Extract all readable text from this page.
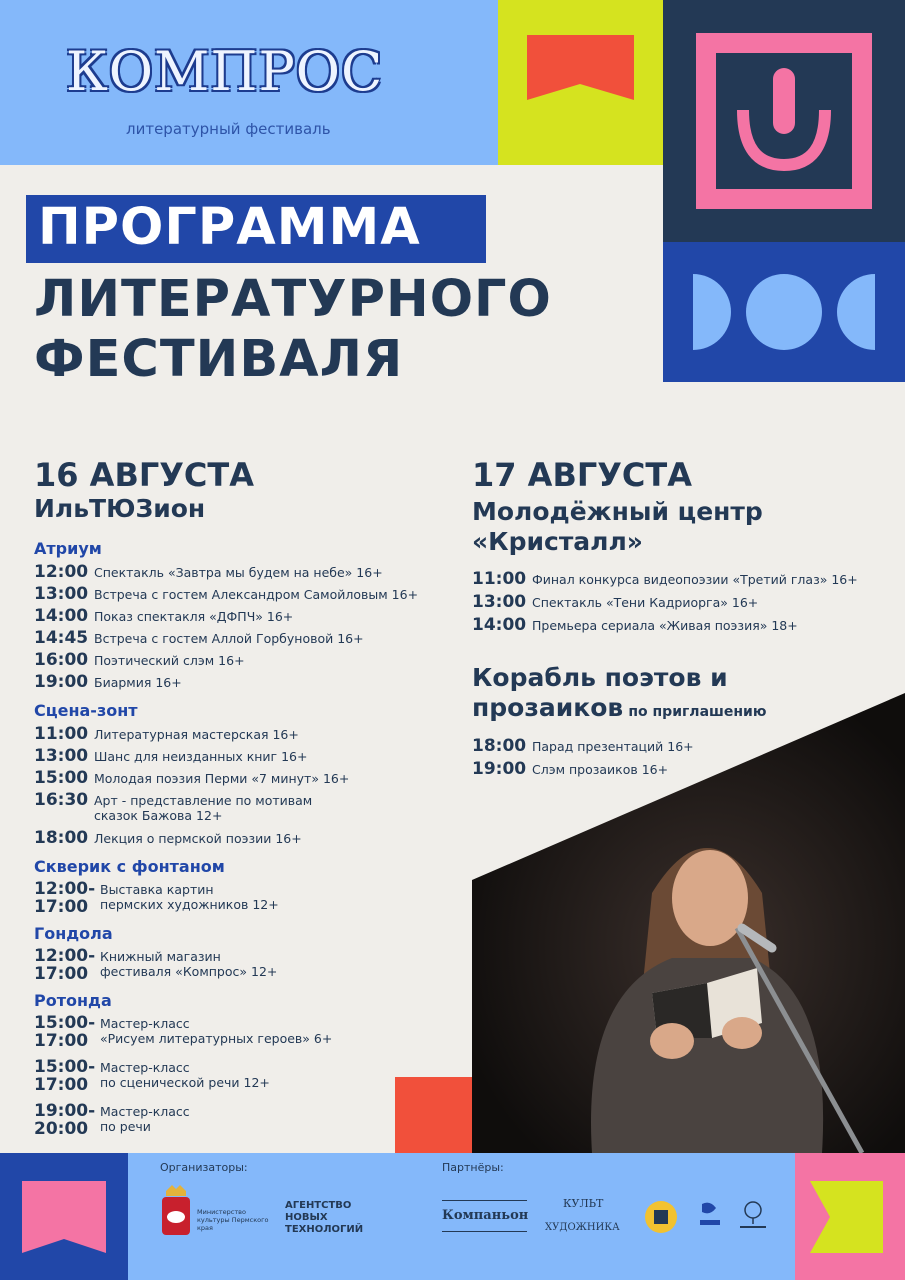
КОМПРОС
литературный фестиваль
ПРОГРАММА
ЛИТЕРАТУРНОГО
ФЕСТИВАЛЯ
16 АВГУСТА
ИльТЮЗион
Атриум
12:00 Спектакль «Завтра мы будем на небе» 16+
13:00 Встреча с гостем Александром Самойловым 16+
14:00 Показ спектакля «ДФПЧ» 16+
14:45 Встреча с гостем Аллой Горбуновой 16+
16:00 Поэтический слэм 16+
19:00 Биармия 16+
Сцена-зонт
11:00 Литературная мастерская 16+
13:00 Шанс для неизданных книг 16+
15:00 Молодая поэзия Перми «7 минут» 16+
16:30 Арт - представление по мотивам
сказок Бажова 12+
18:00 Лекция о пермской поэзии 16+
Скверик с фонтаном
12:00-
17:00
Выставка картин
пермских художников 12+
Гондола
12:00-
17:00
Книжный магазин
фестиваля «Компрос» 12+
Ротонда
15:00-
17:00
Мастер-класс
«Рисуем литературных героев» 6+
15:00-
17:00
Мастер-класс
по сценической речи 12+
19:00-
20:00
Мастер-класс
по речи
17 АВГУСТА
Молодёжный центр
«Кристалл»
11:00 Финал конкурса видеопоэзии «Третий глаз» 16+
13:00 Спектакль «Тени Кадриорга» 16+
14:00 Премьера сериала «Живая поэзия» 18+
Корабль поэтов и
прозаиков по приглашению
18:00 Парад презентаций 16+
19:00 Слэм прозаиков 16+
Организаторы:	Партнёры:
Министерство культуры Пермского края
АГЕНТСТВО НОВЫХ ТЕХНОЛОГИЙ
Компаньон
КУЛЬТ
ХУДОЖНИКА
